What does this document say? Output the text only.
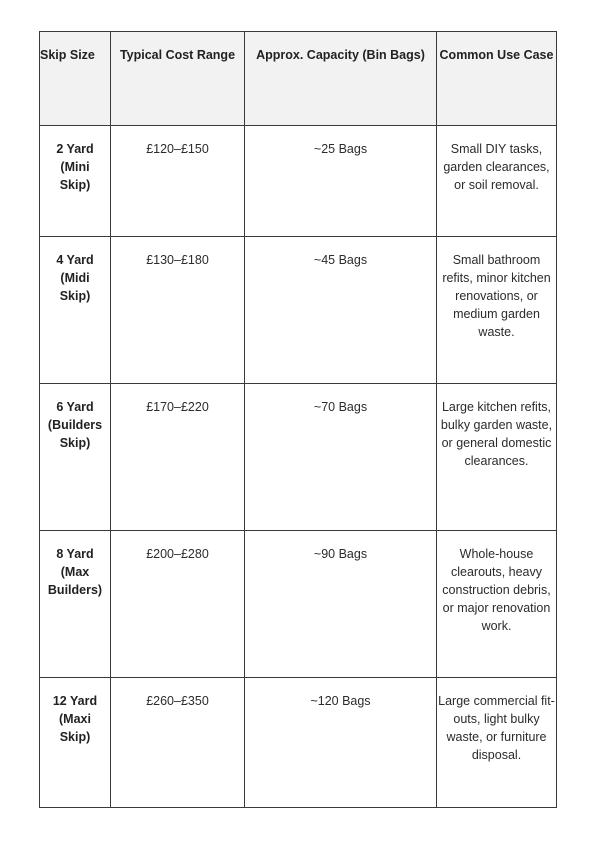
Skip Size	Typical Cost Range	Approx. Capacity (Bin Bags)	Common Use Case

2 Yard
(Mini
Skip)	£120–£150	~25 Bags	Small DIY tasks, garden clearances, or soil removal.

4 Yard
(Midi
Skip)	£130–£180	~45 Bags	Small bathroom refits, minor kitchen renovations, or medium garden waste.

6 Yard
(Builders
Skip)	£170–£220	~70 Bags	Large kitchen refits, bulky garden waste, or general domestic clearances.

8 Yard
(Max
Builders)	£200–£280	~90 Bags	Whole-house clearouts, heavy construction debris, or major renovation work.

12 Yard
(Maxi
Skip)	£260–£350	~120 Bags	Large commercial fit-outs, light bulky waste, or furniture disposal.
